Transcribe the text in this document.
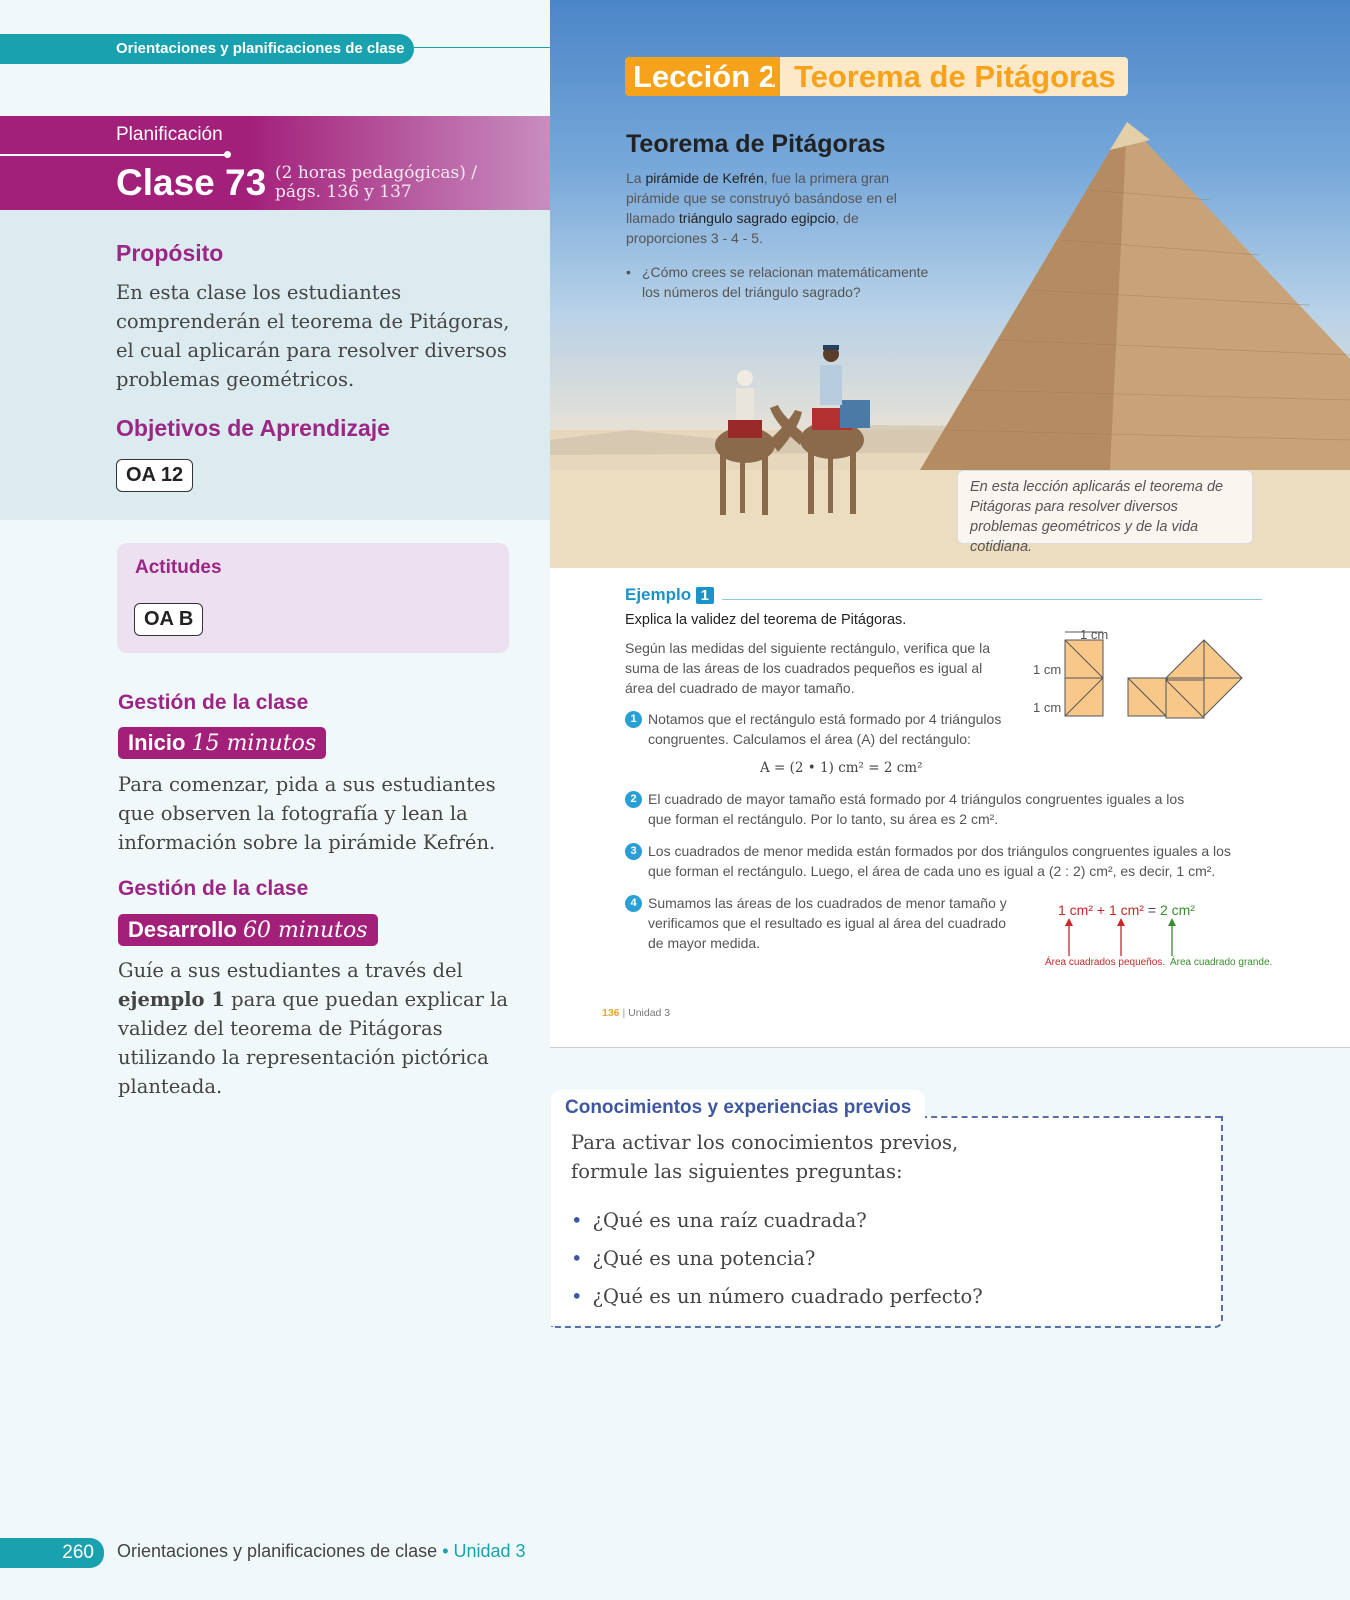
Orientaciones y planificaciones de clase
Planificación
Clase 73 (2 horas pedagógicas) /
págs. 136 y 137
Propósito
En esta clase los estudiantes comprenderán el teorema de Pitágoras, el cual aplicarán para resolver diversos problemas geométricos.
Objetivos de Aprendizaje
OA 12
Actitudes
OA B
Gestión de la clase
Inicio 15 minutos
Para comenzar, pida a sus estudiantes que observen la fotografía y lean la información sobre la pirámide Kefrén.
Gestión de la clase
Desarrollo 60 minutos
Guíe a sus estudiantes a través del ejemplo 1 para que puedan explicar la validez del teorema de Pitágoras utilizando la representación pictórica planteada.
Lección 2 Teorema de Pitágoras
Teorema de Pitágoras
La pirámide de Kefrén, fue la primera gran pirámide que se construyó basándose en el llamado triángulo sagrado egipcio, de proporciones 3 - 4 - 5.
• ¿Cómo crees se relacionan matemáticamente los números del triángulo sagrado?
En esta lección aplicarás el teorema de Pitágoras para resolver diversos problemas geométricos y de la vida cotidiana.
Ejemplo 1
Explica la validez del teorema de Pitágoras.
Según las medidas del siguiente rectángulo, verifica que la suma de las áreas de los cuadrados pequeños es igual al área del cuadrado de mayor tamaño.
1 Notamos que el rectángulo está formado por 4 triángulos congruentes. Calculamos el área (A) del rectángulo:
A = (2 • 1) cm² = 2 cm²
1 cm
1 cm
1 cm
2 El cuadrado de mayor tamaño está formado por 4 triángulos congruentes iguales a los que forman el rectángulo. Por lo tanto, su área es 2 cm².
3 Los cuadrados de menor medida están formados por dos triángulos congruentes iguales a los que forman el rectángulo. Luego, el área de cada uno es igual a (2 : 2) cm², es decir, 1 cm².
4 Sumamos las áreas de los cuadrados de menor tamaño y verificamos que el resultado es igual al área del cuadrado de mayor medida.
1 cm² + 1 cm² = 2 cm²
Área cuadrados pequeños. Área cuadrado grande.
136 | Unidad 3
Para activar los conocimientos previos, formule las siguientes preguntas:
• ¿Qué es una raíz cuadrada?
• ¿Qué es una potencia?
• ¿Qué es un número cuadrado perfecto?
Conocimientos y experiencias previos
260	Orientaciones y planificaciones de clase • Unidad 3
